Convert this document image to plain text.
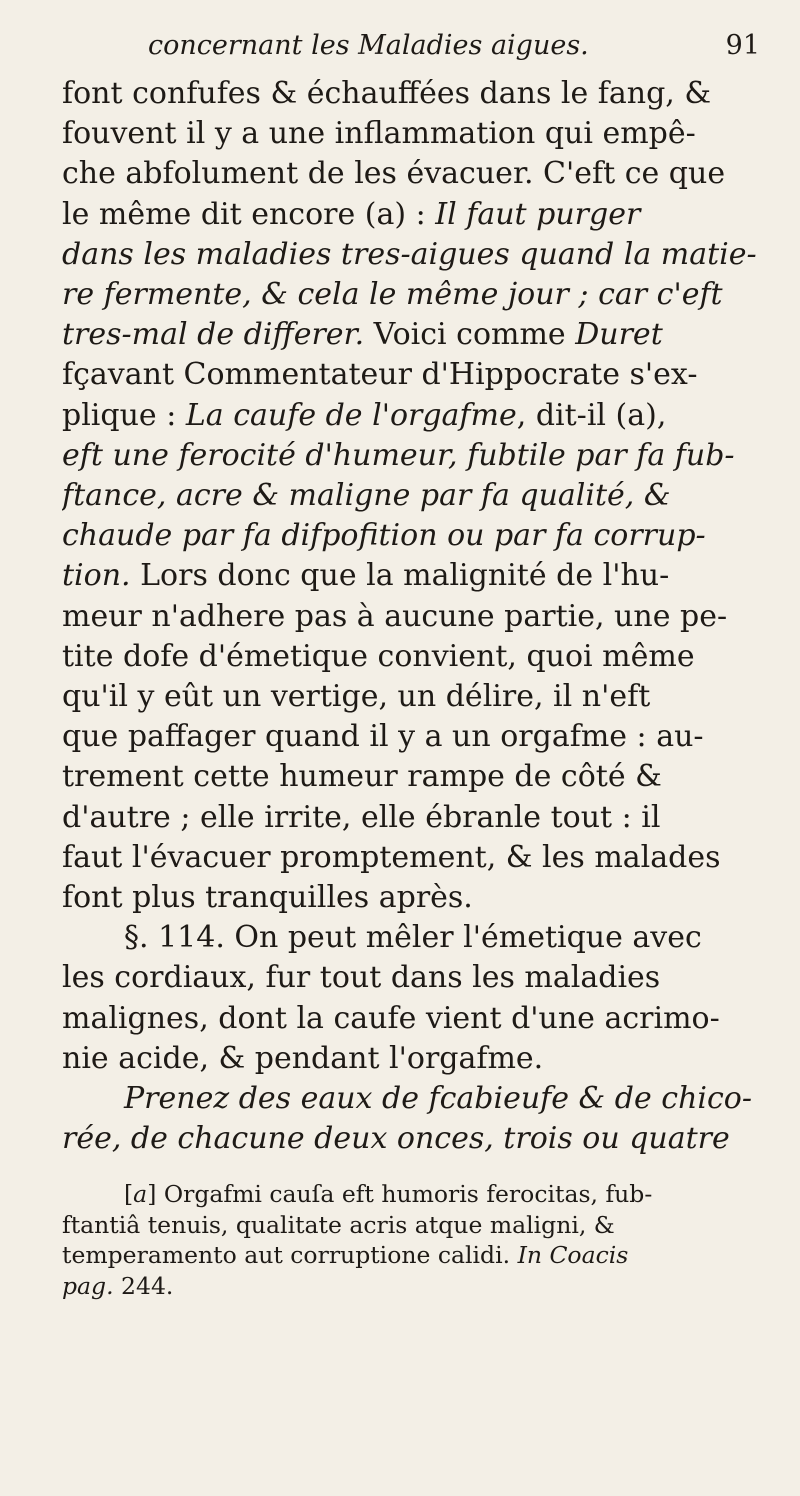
concernant les Maladies aigues.	91
font confufes & échauffées dans le fang, &
fouvent il y a une inflammation qui empê-
che abfolument de les évacuer. C'eft ce que
le même dit encore (a) : Il faut purger
dans les maladies tres-aigues quand la matie-
re fermente, & cela le même jour ; car c'eft
tres-mal de differer. Voici comme Duret
fçavant Commentateur d'Hippocrate s'ex-
plique : La caufe de l'orgafme, dit-il (a),
eft une ferocité d'humeur, fubtile par fa fub-
ftance, acre & maligne par fa qualité, &
chaude par fa difpofition ou par fa corrup-
tion. Lors donc que la malignité de l'hu-
meur n'adhere pas à aucune partie, une pe-
tite dofe d'émetique convient, quoi même
qu'il y eût un vertige, un délire, il n'eft
que paffager quand il y a un orgafme : au-
trement cette humeur rampe de côté &
d'autre ; elle irrite, elle ébranle tout : il
faut l'évacuer promptement, & les malades
font plus tranquilles après.
§. 114. On peut mêler l'émetique avec
les cordiaux, fur tout dans les maladies
malignes, dont la caufe vient d'une acrimo-
nie acide, & pendant l'orgafme.
Prenez des eaux de fcabieufe & de chico-
rée, de chacune deux onces, trois ou quatre
[a] Orgafmi cauſa eft humoris ferocitas, fub-
ftantiâ tenuis, qualitate acris atque maligni, &
temperamento aut corruptione calidi. In Coacis
pag. 244.
